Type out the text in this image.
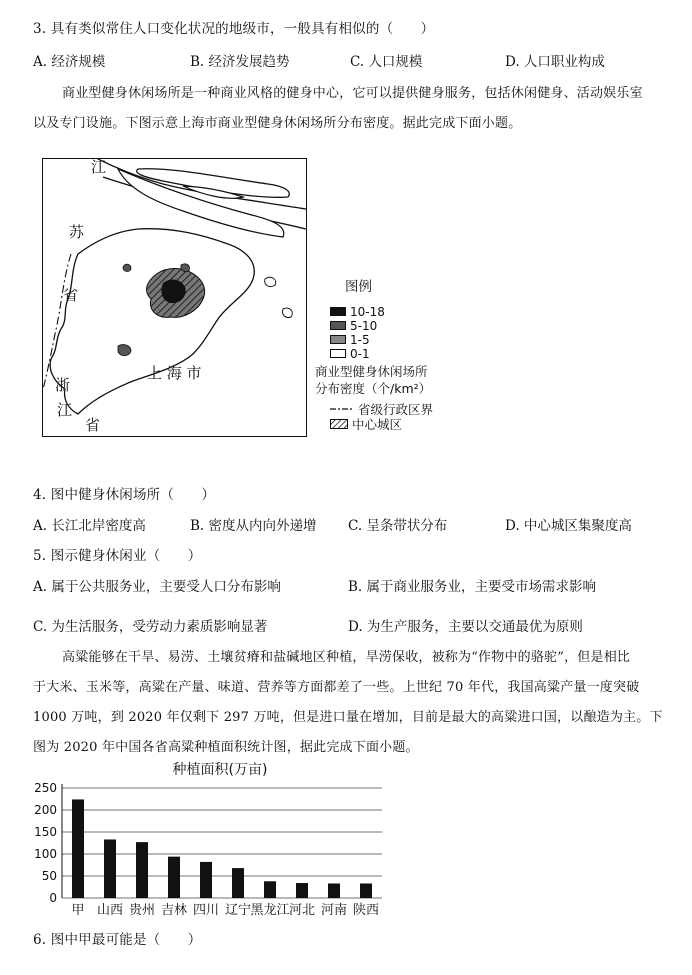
3. 具有类似常住人口变化状况的地级市，一般具有相似的（　　）
A. 经济规模	B. 经济发展趋势	C. 人口规模	D. 人口职业构成
商业型健身休闲场所是一种商业风格的健身中心，它可以提供健身服务，包括休闲健身、活动娱乐室
以及专门设施。下图示意上海市商业型健身休闲场所分布密度。据此完成下面小题。
江
苏
省
上 海 市
浙
江
省
图例
10-18
5-10
1-5
0-1
商业型健身休闲场所
分布密度（个/km²）
省级行政区界
中心城区
4. 图中健身休闲场所（　　）
A. 长江北岸密度高	B. 密度从内向外递增 C. 呈条带状分布	D. 中心城区集聚度高
5. 图示健身休闲业（　　）
A. 属于公共服务业，主要受人口分布影响	B. 属于商业服务业，主要受市场需求影响
C. 为生活服务，受劳动力素质影响显著	D. 为生产服务，主要以交通最优为原则
高粱能够在干旱、易涝、土壤贫瘠和盐碱地区种植，旱涝保收，被称为“作物中的骆驼”，但是相比
于大米、玉米等，高粱在产量、味道、营养等方面都差了一些。上世纪 70 年代，我国高粱产量一度突破
1000 万吨，到 2020 年仅剩下 297 万吨，但是进口量在增加，目前是最大的高粱进口国，以酿造为主。下
图为 2020 年中国各省高粱种植面积统计图，据此完成下面小题。
种植面积(万亩)
0
50
100
150
200
250
甲 山西 贵州 吉林 四川 辽宁 黑龙江 河北 河南 陕西
6. 图中甲最可能是（　　）
